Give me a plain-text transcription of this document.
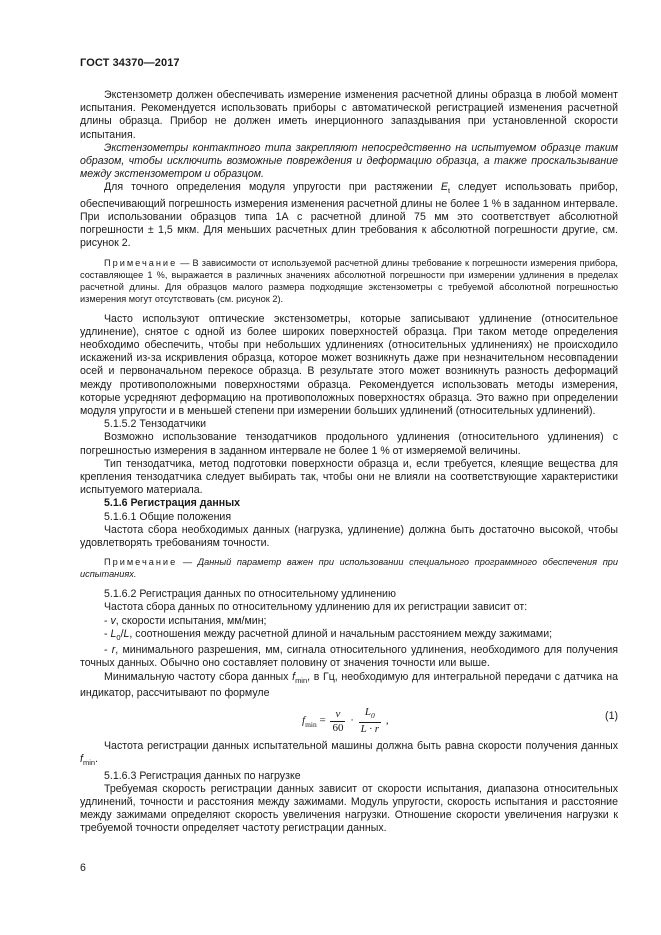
ГОСТ 34370—2017

Экстензометр должен обеспечивать измерение изменения расчетной длины образца в любой момент испытания. Рекомендуется использовать приборы с автоматической регистрацией изменения расчетной длины образца. Прибор не должен иметь инерционного запаздывания при установленной скорости испытания.

Экстензометры контактного типа закрепляют непосредственно на испытуемом образце таким образом, чтобы исключить возможные повреждения и деформацию образца, а также проскальзывание между экстензометром и образцом.

Для точного определения модуля упругости при растяжении $E_t$ следует использовать прибор, обеспечивающий погрешность измерения изменения расчетной длины не более 1 % в заданном интервале. При использовании образцов типа 1А с расчетной длиной 75 мм это соответствует абсолютной погрешности ± 1,5 мкм. Для меньших расчетных длин требования к абсолютной погрешности другие, см. рисунок 2.

Примечание — В зависимости от используемой расчетной длины требование к погрешности измерения прибора, составляющее 1 %, выражается в различных значениях абсолютной погрешности при измерении удлинения в пределах расчетной длины. Для образцов малого размера подходящие экстензометры с требуемой абсолютной погрешностью измерения могут отсутствовать (см. рисунок 2).

Часто используют оптические экстензометры, которые записывают удлинение (относительное удлинение), снятое с одной из более широких поверхностей образца. При таком методе определения необходимо обеспечить, чтобы при небольших удлинениях (относительных удлинениях) не происходило искажений из-за искривления образца, которое может возникнуть даже при незначительном несовпадении осей и первоначальном перекосе образца. В результате этого может возникнуть разность деформаций между противоположными поверхностями образца. Рекомендуется использовать методы измерения, которые усредняют деформацию на противоположных поверхностях образца. Это важно при определении модуля упругости и в меньшей степени при измерении больших удлинений (относительных удлинений).

5.1.5.2 Тензодатчики

Возможно использование тензодатчиков продольного удлинения (относительного удлинения) с погрешностью измерения в заданном интервале не более 1 % от измеряемой величины.

Тип тензодатчика, метод подготовки поверхности образца и, если требуется, клеящие вещества для крепления тензодатчика следует выбирать так, чтобы они не влияли на соответствующие характеристики испытуемого материала.

5.1.6 Регистрация данных

5.1.6.1 Общие положения

Частота сбора необходимых данных (нагрузка, удлинение) должна быть достаточно высокой, чтобы удовлетворять требованиям точности.

Примечание — Данный параметр важен при использовании специального программного обеспечения при испытаниях.

5.1.6.2 Регистрация данных по относительному удлинению

Частота сбора данных по относительному удлинению для их регистрации зависит от:

- v, скорости испытания, мм/мин;

- $L_0/L$, соотношения между расчетной длиной и начальным расстоянием между зажимами;

- r, минимального разрешения, мм, сигнала относительного удлинения, необходимого для получения точных данных. Обычно оно составляет половину от значения точности или выше.

Минимальную частоту сбора данных $f_{min}$, в Гц, необходимую для интегральной передачи с датчика на индикатор, рассчитывают по формуле

$f_{min} = \frac{v}{60} \cdot \frac{L_0}{L \cdot r}$ ,	(1)

Частота регистрации данных испытательной машины должна быть равна скорости получения данных $f_{min}$.

5.1.6.3 Регистрация данных по нагрузке

Требуемая скорость регистрации данных зависит от скорости испытания, диапазона относительных удлинений, точности и расстояния между зажимами. Модуль упругости, скорость испытания и расстояние между зажимами определяют скорость увеличения нагрузки. Отношение скорости увеличения нагрузки к требуемой точности определяет частоту регистрации данных.

6
